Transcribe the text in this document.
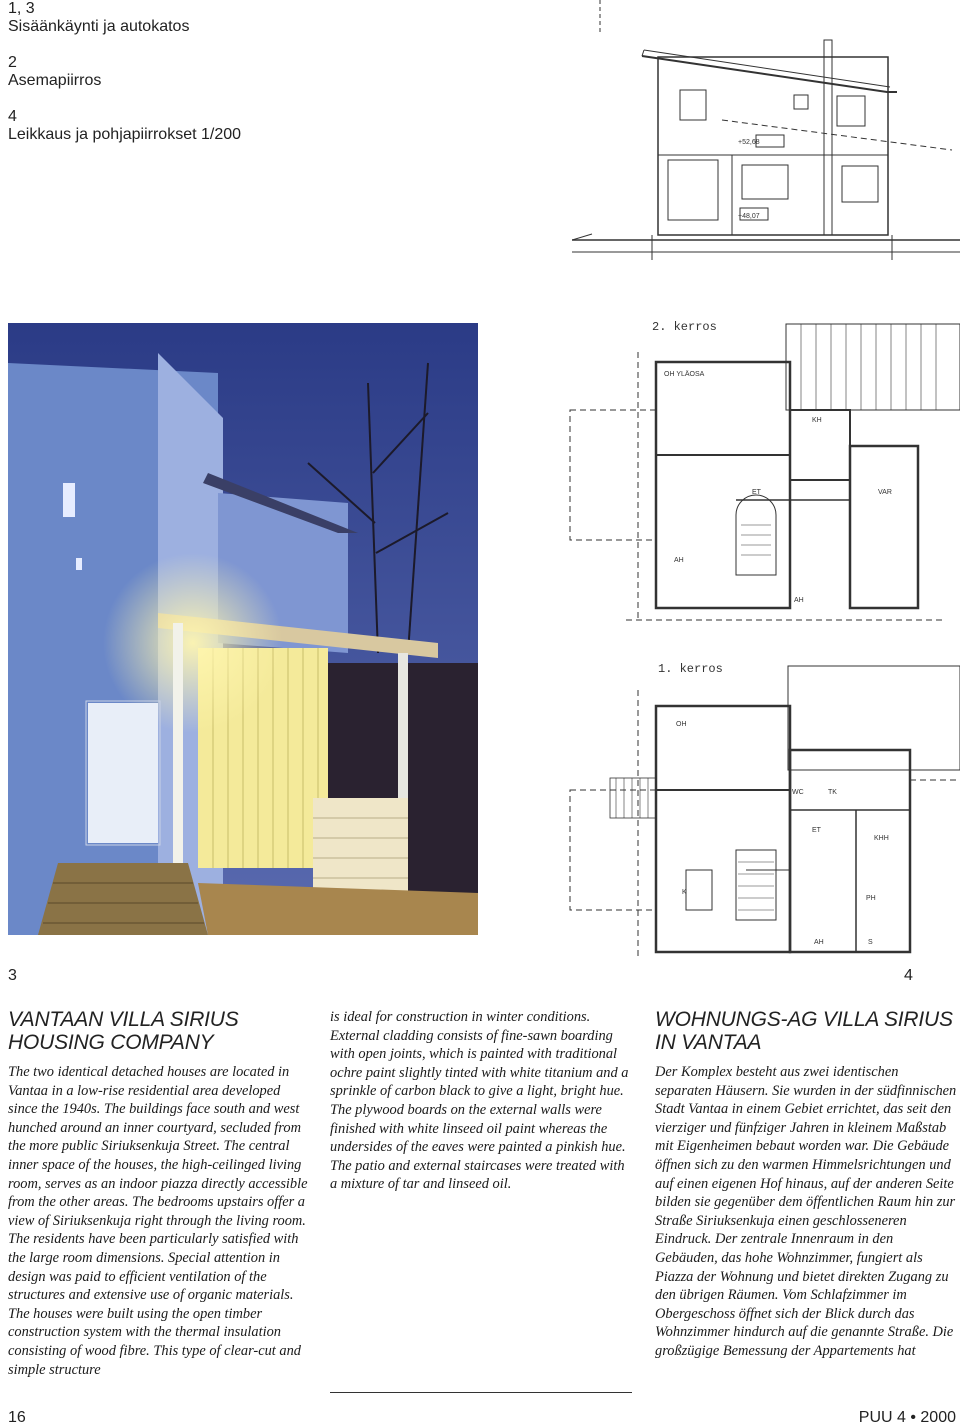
1, 3
Sisäänkäynti ja autokatos
2
Asemapiirros
4
Leikkaus ja pohjapiirrokset 1/200	+52,68
+48,07
2. kerros
1. kerros
OH YLÄOSA
KH
ET	VAR
AH
AH
OH
WC	TK
ET
KHH
K
PH
AH	S
3	4
VANTAAN VILLA SIRIUS
HOUSING COMPANY
The two identical detached houses are located in Vantaa in a low-rise residential area developed since the 1940s. The buildings face south and west hunched around an inner courtyard, secluded from the more public Siriuksenkuja Street. The central inner space of the houses, the high-ceilinged living room, serves as an indoor piazza directly accessible from the other areas. The bedrooms upstairs offer a view of Siriuksenkuja right through the living room. The residents have been particularly satisfied with the large room dimensions. Special attention in design was paid to efficient ventilation of the structures and extensive use of organic materials. The houses were built using the open timber construction system with the thermal insulation consisting of wood fibre. This type of clear-cut and simple structure
is ideal for construction in winter conditions. External cladding consists of fine-sawn boarding with open joints, which is painted with traditional ochre paint slightly tinted with white titanium and a sprinkle of carbon black to give a light, bright hue. The plywood boards on the external walls were finished with white linseed oil paint whereas the undersides of the eaves were painted a pinkish hue. The patio and external staircases were treated with a mixture of tar and linseed oil.
WOHNUNGS-AG VILLA SIRIUS
IN VANTAA
Der Komplex besteht aus zwei identischen separaten Häusern. Sie wurden in der südfinnischen Stadt Vantaa in einem Gebiet errichtet, das seit den vierziger und fünfziger Jahren in kleinem Maßstab mit Eigenheimen bebaut worden war. Die Gebäude öffnen sich zu den warmen Himmelsrichtungen und auf einen eigenen Hof hinaus, auf der anderen Seite bilden sie gegenüber dem öffentlichen Raum hin zur Straße Siriuksenkuja einen geschlosseneren Eindruck. Der zentrale Innenraum in den Gebäuden, das hohe Wohnzimmer, fungiert als Piazza der Wohnung und bietet direkten Zugang zu den übrigen Räumen. Vom Schlafzimmer im Obergeschoss öffnet sich der Blick durch das Wohnzimmer hindurch auf die genannte Straße. Die großzügige Bemessung der Appartements hat
16	PUU 4 • 2000
